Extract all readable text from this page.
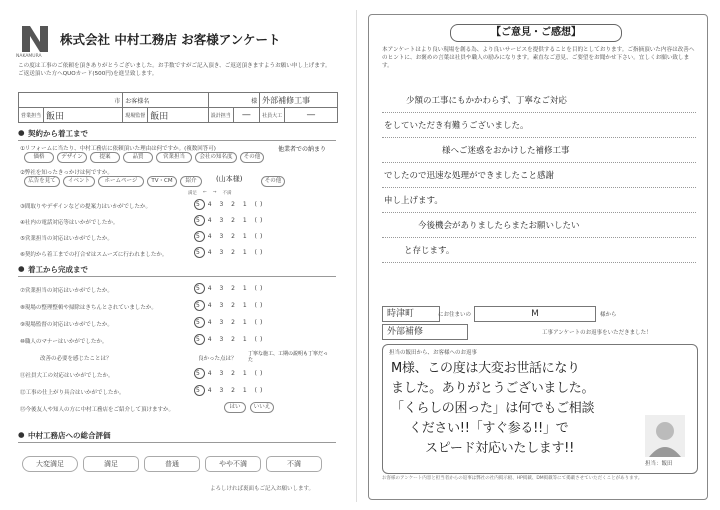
NAKAMURA
株式会社 中村工務店 お客様アンケート
この度は工事のご依頼を頂きありがとうございました。お手数ですがご記入頂き、ご返送頂きますようお願い申し上げます。ご返送頂いた方へQUOカード(500円)を進呈致します。
市		お客様名		様		外部補修工事	
営業担当	飯田	現場監督	飯田	設計担当	—	社員大工	—
● 契約から着工まで
①リフォームに当たり、中村工務店に依頼頂いた理由は何ですか。(複数回答可)
価格	デザイン	提案	品質	営業担当	会社の知名度	その他
他業者での納まり
②弊社を知ったきっかけは何ですか。
広告を見て	イベント	ホームページ	TV・CM	紹介	その他
(山本様)
満足 ← → 不満
③間取りやデザインなどの提案力はいかがでしたか。	5 4 3 2 1 ( )
④社内の電話対応等はいかがでしたか。	5 4 3 2 1 ( )
⑤営業担当の対応はいかがでしたか。	5 4 3 2 1 ( )
⑥契約から着工までの打合せはスムーズに行われましたか。	5 4 3 2 1 ( )
● 着工から完成まで
⑦営業担当の対応はいかがでしたか。	5 4 3 2 1 ( )
⑧現場の整理整頓や掃除はきちんとされていましたか。	5 4 3 2 1 ( )
⑨現場監督の対応はいかがでしたか。	5 4 3 2 1 ( )
⑩職人のマナーはいかがでしたか。	5 4 3 2 1 ( )
改善の必要を感じたことは？	良かった点は？
丁寧な施工、工期の説明も丁寧だった
⑪社員大工の対応はいかがでしたか。	5 4 3 2 1 ( )
⑫工事の仕上がり具合はいかがでしたか。	5 4 3 2 1 ( )
⑬今後友人や知人の方に中村工務店をご紹介して頂けますか。	はい	いいえ
● 中村工務店への総合評価
大変満足	満足	普通	やや不満	不満
よろしければ裏面もご記入お願いします。
【ご意見・ご感想】
本アンケートはより良い現場を創る為、より良いサービスを提供することを目的としております。ご指摘頂いた内容は改善へのヒントに、お褒めの言葉は社員や職人の励みになります。素直なご意見、ご要望をお聞かせ下さい。宜しくお願い致します。
少額の工事にもかかわらず、丁寧なご対応
をしていただき有難うございました。
様へご迷惑をおかけした補修工事
でしたので迅速な処理ができましたこと感謝
申し上げます。
今後機会がありましたらまたお願いしたい
と存じます。
時津町	にお住まいの	M	様から
外部補修	工事アンケートのお返事をいただきました！
担当の飯田から、お客様へのお返事
M様、この度は大変お世話になり
ました。ありがとうございました。
「くらしの困った」は何でもご相談
ください!!「すぐ参る!!」で
スピード対応いたします!!
担当：飯田
お客様のアンケート内容と担当者からの返事は弊社の社内掲示板、HP掲載、DM掲載等にて掲載させていただくことがあります。
